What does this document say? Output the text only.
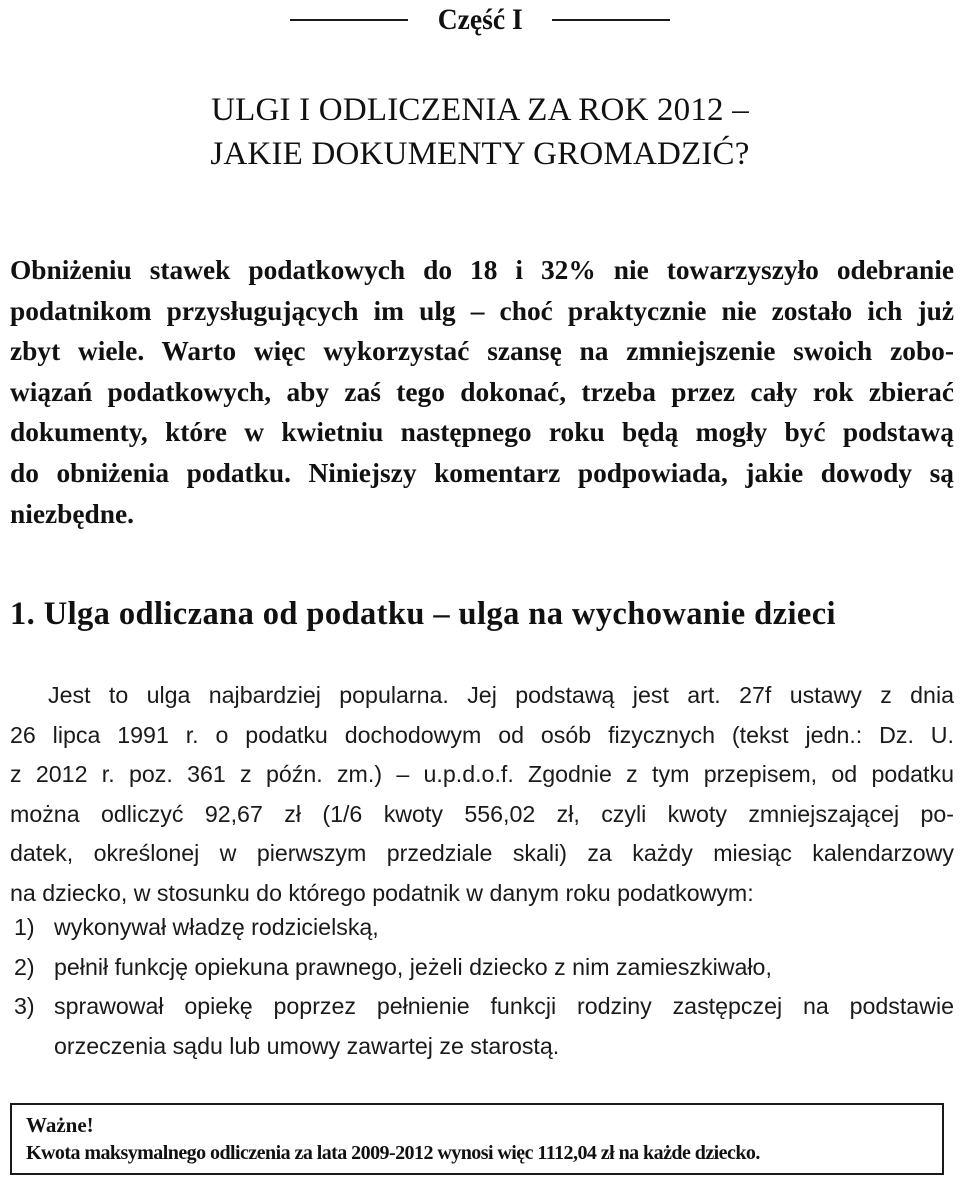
Część I
ULGI I ODLICZENIA ZA ROK 2012 –
JAKIE DOKUMENTY GROMADZIĆ?
Obniżeniu stawek podatkowych do 18 i 32% nie towarzyszyło odebranie
podatnikom przysługujących im ulg – choć praktycznie nie zostało ich już
zbyt wiele. Warto więc wykorzystać szansę na zmniejszenie swoich zobo-
wiązań podatkowych, aby zaś tego dokonać, trzeba przez cały rok zbierać
dokumenty, które w kwietniu następnego roku będą mogły być podstawą
do obniżenia podatku. Niniejszy komentarz podpowiada, jakie dowody są
niezbędne.
1. Ulga odliczana od podatku – ulga na wychowanie dzieci
Jest to ulga najbardziej popularna. Jej podstawą jest art. 27f ustawy z dnia
26 lipca 1991 r. o podatku dochodowym od osób fizycznych (tekst jedn.: Dz. U.
z 2012 r. poz. 361 z późn. zm.) – u.p.d.o.f. Zgodnie z tym przepisem, od podatku
można odliczyć 92,67 zł (1/6 kwoty 556,02 zł, czyli kwoty zmniejszającej po-
datek, określonej w pierwszym przedziale skali) za każdy miesiąc kalendarzowy
na dziecko, w stosunku do którego podatnik w danym roku podatkowym:
1) wykonywał władzę rodzicielską,
2) pełnił funkcję opiekuna prawnego, jeżeli dziecko z nim zamieszkiwało,
3) sprawował opiekę poprzez pełnienie funkcji rodziny zastępczej na podstawie
orzeczenia sądu lub umowy zawartej ze starostą.
Ważne!
Kwota maksymalnego odliczenia za lata 2009-2012 wynosi więc 1112,04 zł na każde dziecko.
